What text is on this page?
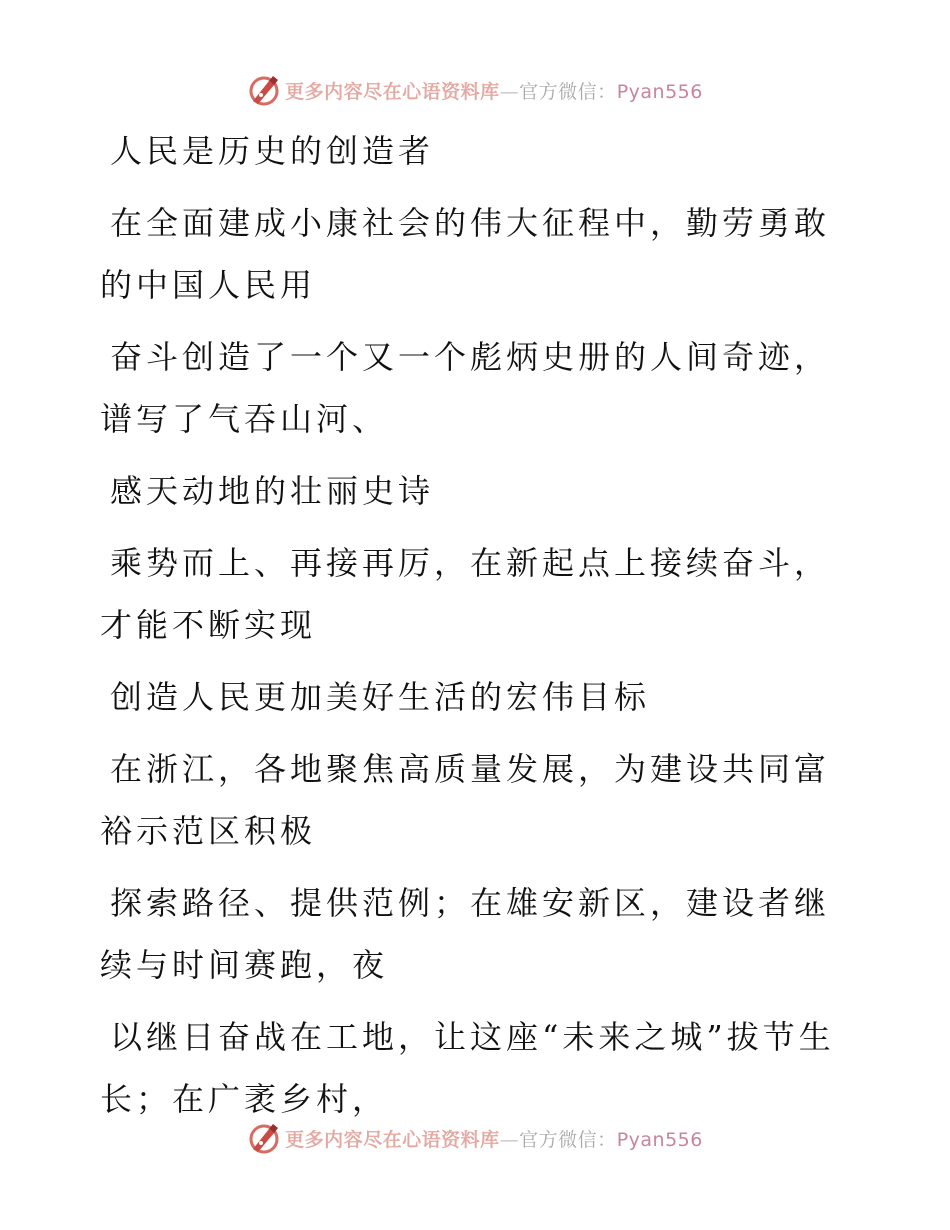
更多内容尽在心语资料库—官方微信：Pyan556

人民是历史的创造者

在全面建成小康社会的伟大征程中，勤劳勇敢的中国人民用

奋斗创造了一个又一个彪炳史册的人间奇迹，谱写了气吞山河、

感天动地的壮丽史诗

乘势而上、再接再厉，在新起点上接续奋斗，才能不断实现

创造人民更加美好生活的宏伟目标

在浙江，各地聚焦高质量发展，为建设共同富裕示范区积极

探索路径、提供范例；在雄安新区，建设者继续与时间赛跑，夜

以继日奋战在工地，让这座“未来之城”拔节生长；在广袤乡村，

更多内容尽在心语资料库—官方微信：Pyan556
